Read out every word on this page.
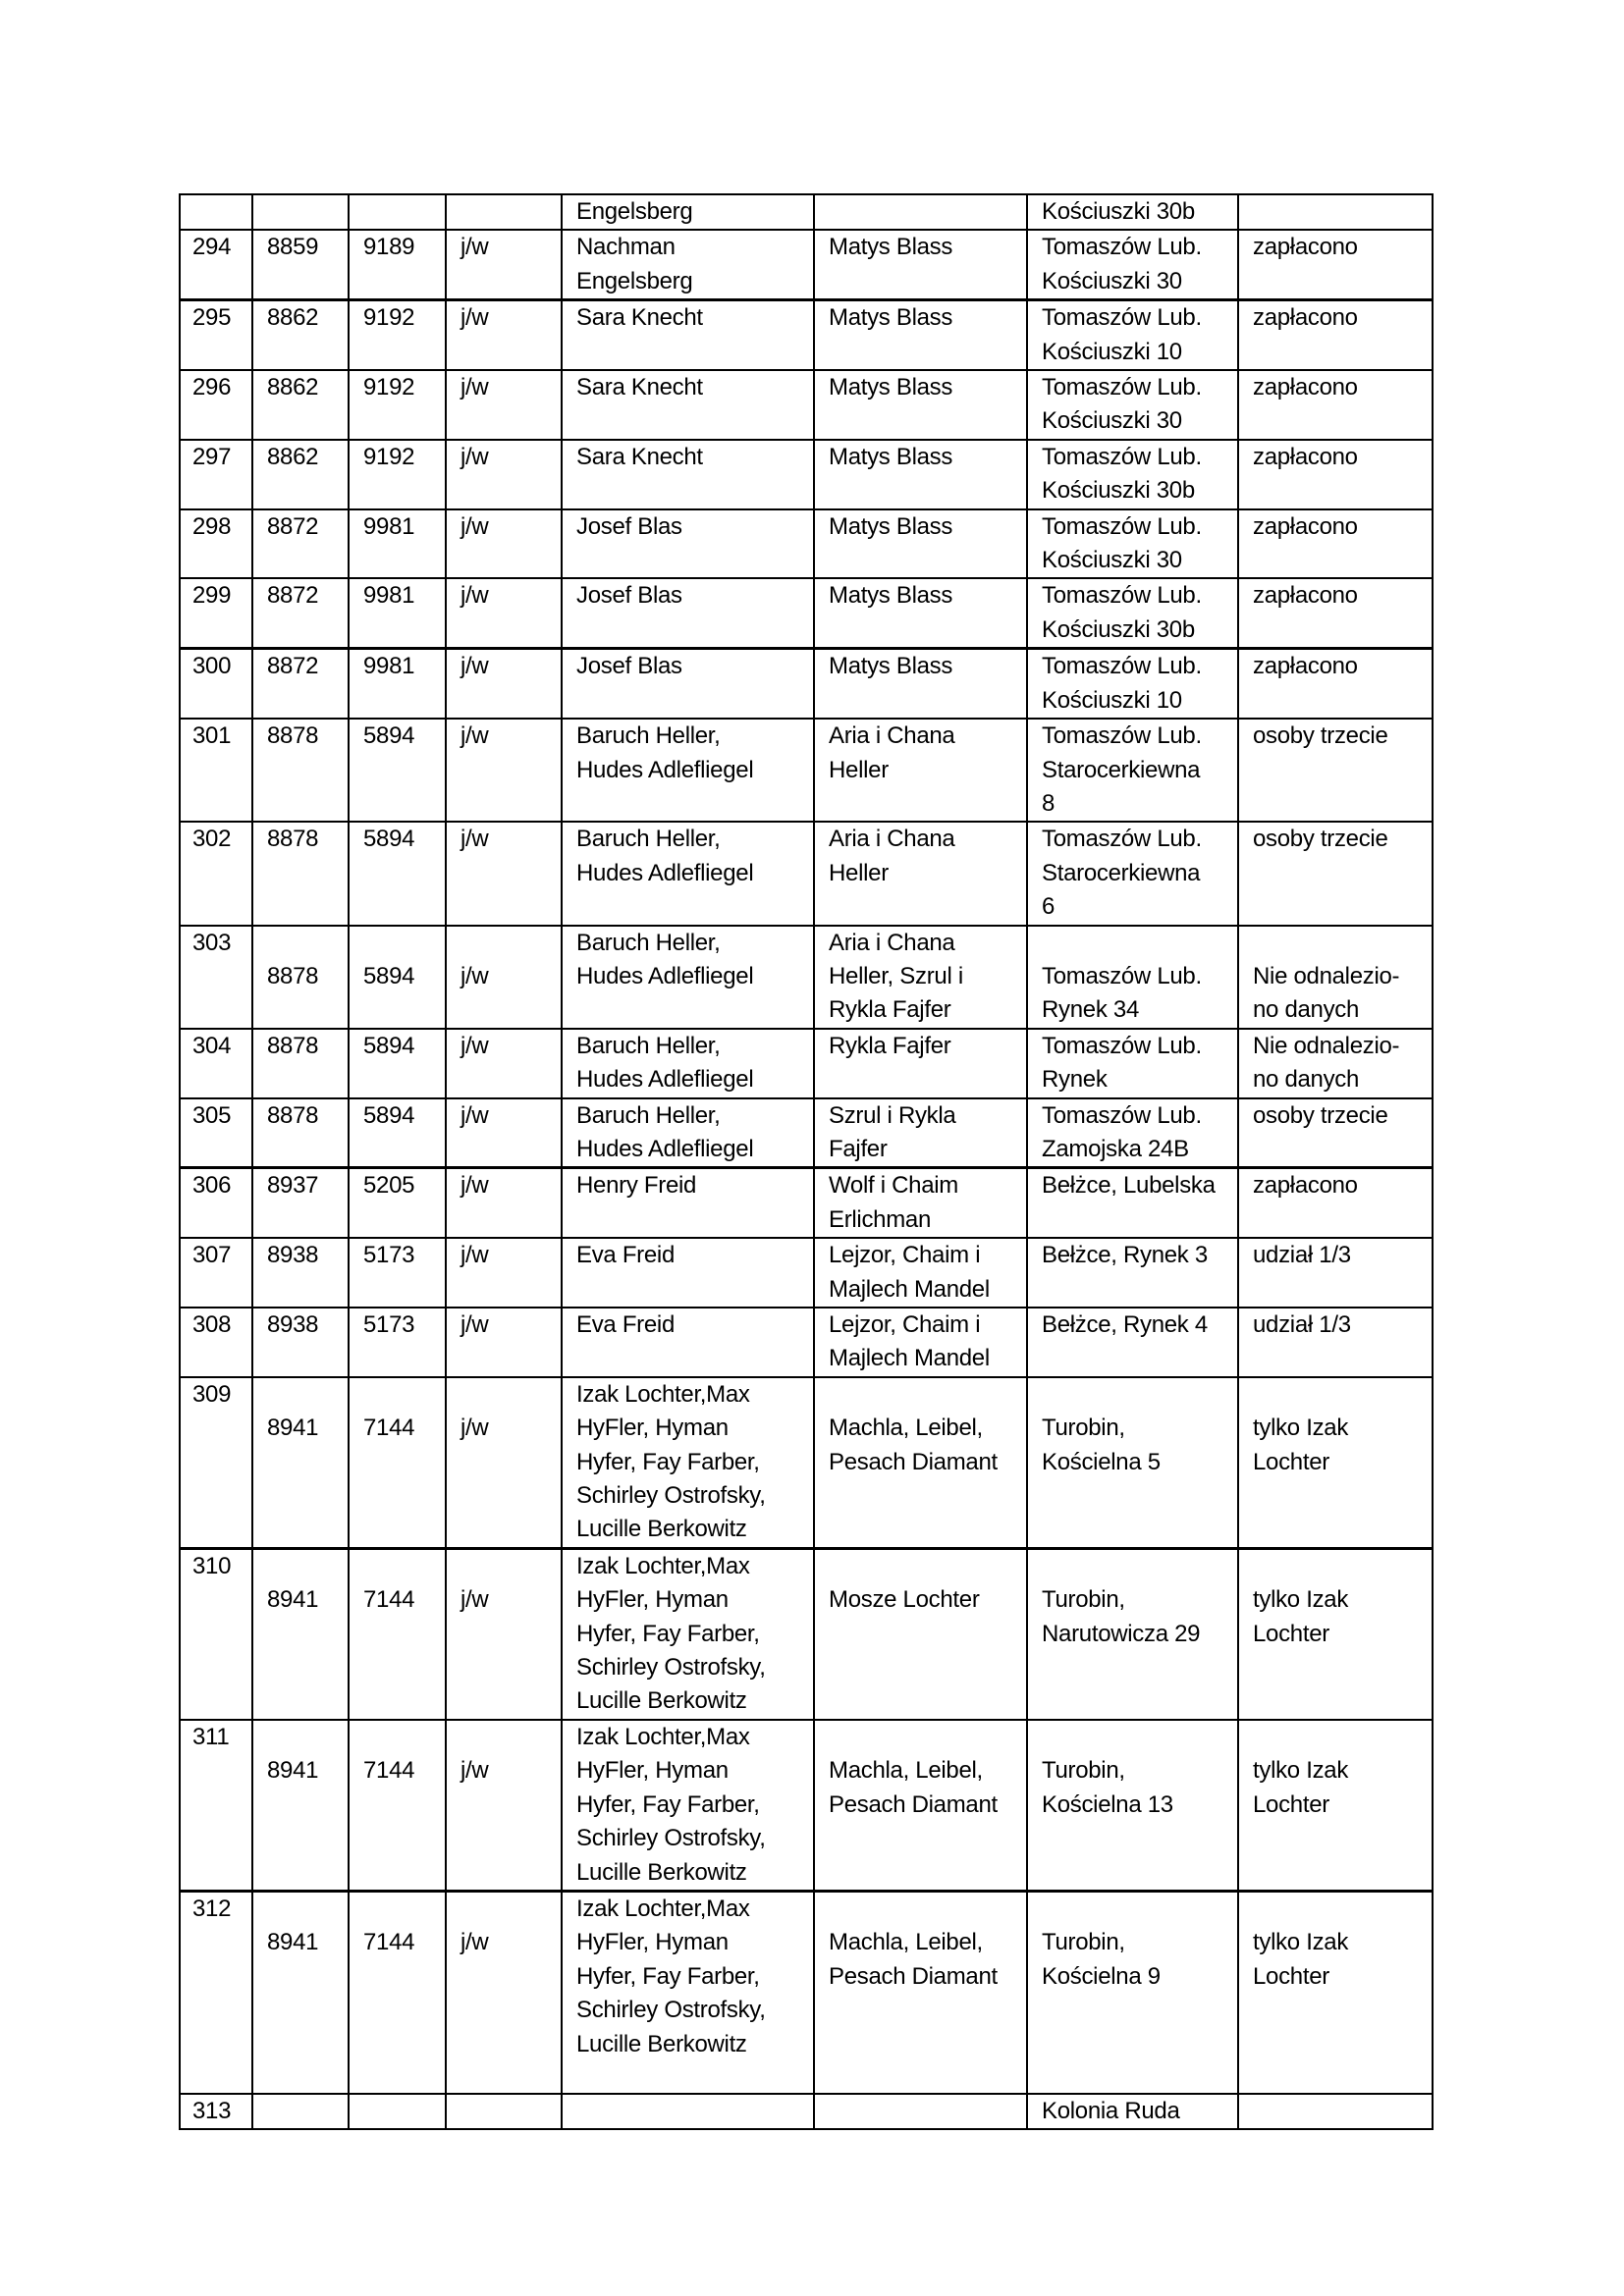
				Engelsberg		Kościuszki 30b	
294	8859	9189	j/w	Nachman
Engelsberg	Matys Blass	Tomaszów Lub.
Kościuszki 30	zapłacono
295	8862	9192	j/w	Sara Knecht	Matys Blass	Tomaszów Lub.
Kościuszki 10	zapłacono
296	8862	9192	j/w	Sara Knecht	Matys Blass	Tomaszów Lub.
Kościuszki 30	zapłacono
297	8862	9192	j/w	Sara Knecht	Matys Blass	Tomaszów Lub.
Kościuszki 30b	zapłacono
298	8872	9981	j/w	Josef Blas	Matys Blass	Tomaszów Lub.
Kościuszki 30	zapłacono
299	8872	9981	j/w	Josef Blas	Matys Blass	Tomaszów Lub.
Kościuszki 30b	zapłacono
300	8872	9981	j/w	Josef Blas	Matys Blass	Tomaszów Lub.
Kościuszki 10	zapłacono
301	8878	5894	j/w	Baruch Heller,
Hudes Adlefliegel	Aria i Chana
Heller	Tomaszów Lub.
Starocerkiewna
8	osoby trzecie
302	8878	5894	j/w	Baruch Heller,
Hudes Adlefliegel	Aria i Chana
Heller	Tomaszów Lub.
Starocerkiewna
6	osoby trzecie
303	8878	5894	j/w	Baruch Heller,
Hudes Adlefliegel	Aria i Chana
Heller, Szrul i
Rykla Fajfer	Tomaszów Lub.
Rynek 34	Nie odnalezio-
no danych
304	8878	5894	j/w	Baruch Heller,
Hudes Adlefliegel	Rykla Fajfer	Tomaszów Lub.
Rynek	Nie odnalezio-
no danych
305	8878	5894	j/w	Baruch Heller,
Hudes Adlefliegel	Szrul i Rykla
Fajfer	Tomaszów Lub.
Zamojska 24B	osoby trzecie
306	8937	5205	j/w	Henry Freid	Wolf i Chaim
Erlichman	Bełżce, Lubelska	zapłacono
307	8938	5173	j/w	Eva Freid	Lejzor, Chaim i
Majlech Mandel	Bełżce, Rynek 3	udział 1/3
308	8938	5173	j/w	Eva Freid	Lejzor, Chaim i
Majlech Mandel	Bełżce, Rynek 4	udział 1/3
309	8941	7144	j/w	Izak Lochter,Max
HyFler, Hyman
Hyfer, Fay Farber,
Schirley Ostrofsky,
Lucille Berkowitz	Machla, Leibel,
Pesach Diamant	Turobin,
Kościelna 5	tylko Izak
Lochter
310	8941	7144	j/w	Izak Lochter,Max
HyFler, Hyman
Hyfer, Fay Farber,
Schirley Ostrofsky,
Lucille Berkowitz	Mosze Lochter	Turobin,
Narutowicza 29	tylko Izak
Lochter
311	8941	7144	j/w	Izak Lochter,Max
HyFler, Hyman
Hyfer, Fay Farber,
Schirley Ostrofsky,
Lucille Berkowitz	Machla, Leibel,
Pesach Diamant	Turobin,
Kościelna 13	tylko Izak
Lochter
312	8941	7144	j/w	Izak Lochter,Max
HyFler, Hyman
Hyfer, Fay Farber,
Schirley Ostrofsky,
Lucille Berkowitz	Machla, Leibel,
Pesach Diamant	Turobin,
Kościelna 9	tylko Izak
Lochter
313						Kolonia Ruda	
